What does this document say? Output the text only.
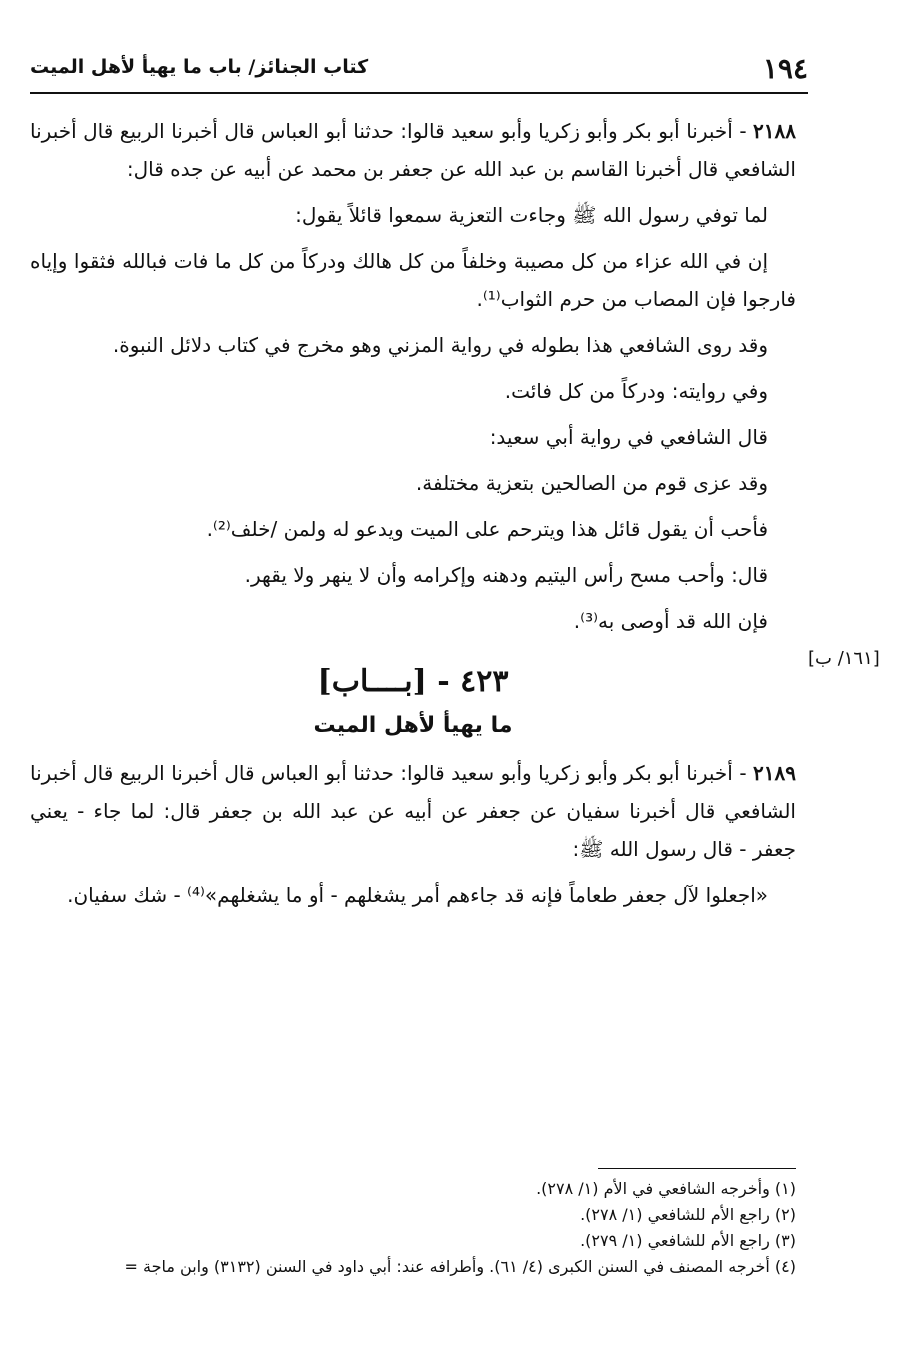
١٩٤
كتاب الجنائز/ باب ما يهيأ لأهل الميت
[١٦١/ ب]

٢١٨٨ - أخبرنا أبو بكر وأبو زكريا وأبو سعيد قالوا: حدثنا أبو العباس قال أخبرنا الربيع قال أخبرنا الشافعي قال أخبرنا القاسم بن عبد الله عن جعفر بن محمد عن أبيه عن جده قال:

لما توفي رسول الله ﷺ وجاءت التعزية سمعوا قائلاً يقول:

إن في الله عزاء من كل مصيبة وخلفاً من كل هالك ودركاً من كل ما فات فبالله فثقوا وإياه فارجوا فإن المصاب من حرم الثواب⁽¹⁾.

وقد روى الشافعي هذا بطوله في رواية المزني وهو مخرج في كتاب دلائل النبوة.

وفي روايته: ودركاً من كل فائت.

قال الشافعي في رواية أبي سعيد:

وقد عزى قوم من الصالحين بتعزية مختلفة.

فأحب أن يقول قائل هذا ويترحم على الميت ويدعو له ولمن /خلف⁽²⁾.

قال: وأحب مسح رأس اليتيم ودهنه وإكرامه وأن لا ينهر ولا يقهر.

فإن الله قد أوصى به⁽³⁾.

٤٢٣ - [بــــاب]
ما يهيأ لأهل الميت

٢١٨٩ - أخبرنا أبو بكر وأبو زكريا وأبو سعيد قالوا: حدثنا أبو العباس قال أخبرنا الربيع قال أخبرنا الشافعي قال أخبرنا سفيان عن جعفر عن أبيه عن عبد الله بن جعفر قال: لما جاء - يعني جعفر - قال رسول الله ﷺ:

«اجعلوا لآل جعفر طعاماً فإنه قد جاءهم أمر يشغلهم - أو ما يشغلهم»⁽⁴⁾ - شك سفيان.

(١) وأخرجه الشافعي في الأم (١/ ٢٧٨).
(٢) راجع الأم للشافعي (١/ ٢٧٨).
(٣) راجع الأم للشافعي (١/ ٢٧٩).
(٤) أخرجه المصنف في السنن الكبرى (٤/ ٦١). وأطرافه عند: أبي داود في السنن (٣١٣٢) وابن ماجة =
